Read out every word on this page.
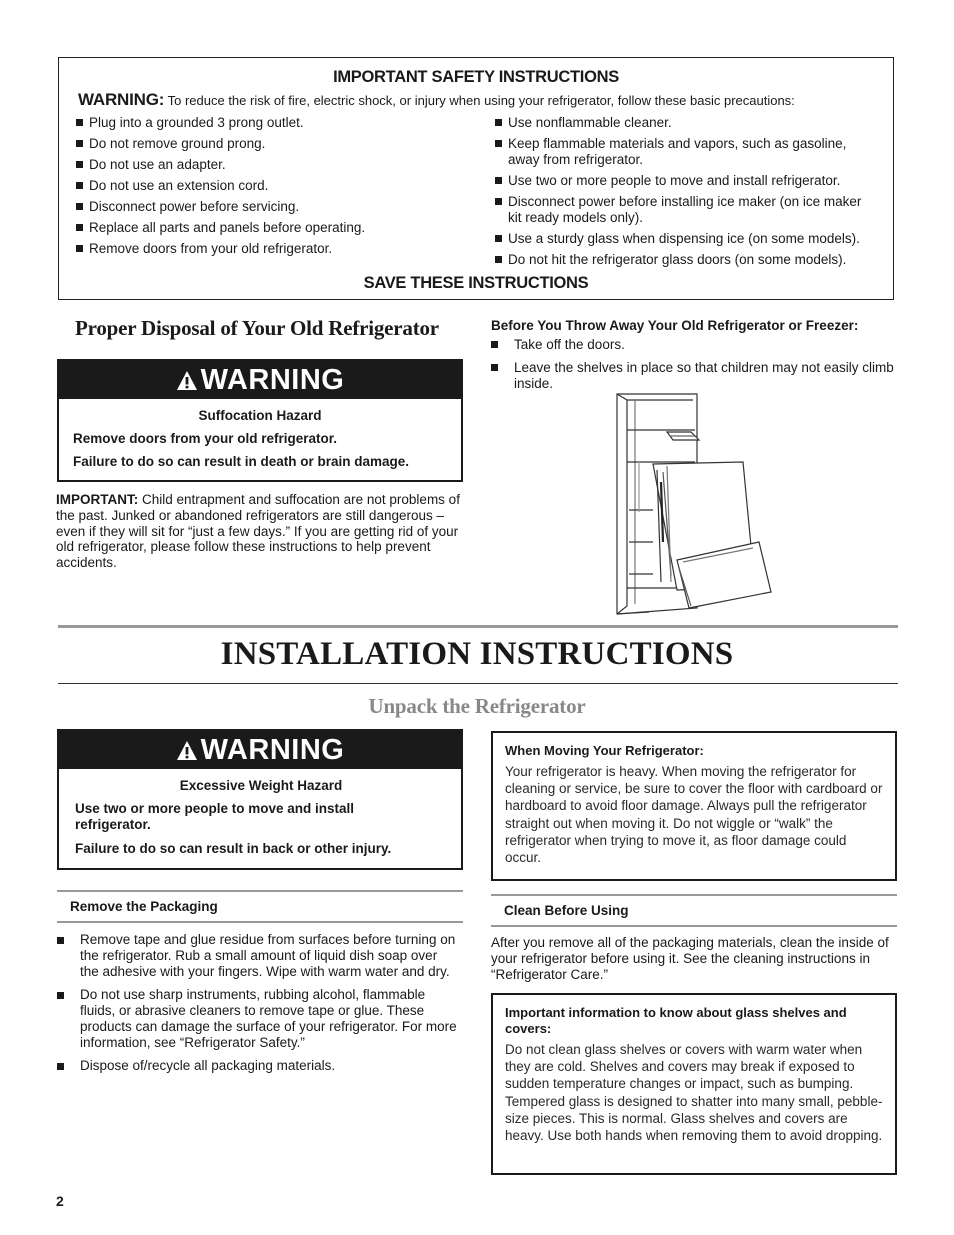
IMPORTANT SAFETY INSTRUCTIONS
WARNING: To reduce the risk of fire, electric shock, or injury when using your refrigerator, follow these basic precautions:
Plug into a grounded 3 prong outlet.
Do not remove ground prong.
Do not use an adapter.
Do not use an extension cord.
Disconnect power before servicing.
Replace all parts and panels before operating.
Remove doors from your old refrigerator.
Use nonflammable cleaner.
Keep flammable materials and vapors, such as gasoline, away from refrigerator.
Use two or more people to move and install refrigerator.
Disconnect power before installing ice maker (on ice maker kit ready models only).
Use a sturdy glass when dispensing ice (on some models).
Do not hit the refrigerator glass doors (on some models).
SAVE THESE INSTRUCTIONS
Proper Disposal of Your Old Refrigerator
WARNING
Suffocation Hazard
Remove doors from your old refrigerator.
Failure to do so can result in death or brain damage.
IMPORTANT: Child entrapment and suffocation are not problems of the past. Junked or abandoned refrigerators are still dangerous – even if they will sit for “just a few days.” If you are getting rid of your old refrigerator, please follow these instructions to help prevent accidents.
Before You Throw Away Your Old Refrigerator or Freezer:
Take off the doors.
Leave the shelves in place so that children may not easily climb inside.
INSTALLATION INSTRUCTIONS
Unpack the Refrigerator
WARNING
Excessive Weight Hazard
Use two or more people to move and install refrigerator.
Failure to do so can result in back or other injury.
When Moving Your Refrigerator:
Your refrigerator is heavy. When moving the refrigerator for cleaning or service, be sure to cover the floor with cardboard or hardboard to avoid floor damage. Always pull the refrigerator straight out when moving it. Do not wiggle or “walk” the refrigerator when trying to move it, as floor damage could occur.
Remove the Packaging
Remove tape and glue residue from surfaces before turning on the refrigerator. Rub a small amount of liquid dish soap over the adhesive with your fingers. Wipe with warm water and dry.
Do not use sharp instruments, rubbing alcohol, flammable fluids, or abrasive cleaners to remove tape or glue. These products can damage the surface of your refrigerator. For more information, see “Refrigerator Safety.”
Dispose of/recycle all packaging materials.
Clean Before Using
After you remove all of the packaging materials, clean the inside of your refrigerator before using it. See the cleaning instructions in “Refrigerator Care.”
Important information to know about glass shelves and covers:
Do not clean glass shelves or covers with warm water when they are cold. Shelves and covers may break if exposed to sudden temperature changes or impact, such as bumping. Tempered glass is designed to shatter into many small, pebble-size pieces. This is normal. Glass shelves and covers are heavy. Use both hands when removing them to avoid dropping.
2
